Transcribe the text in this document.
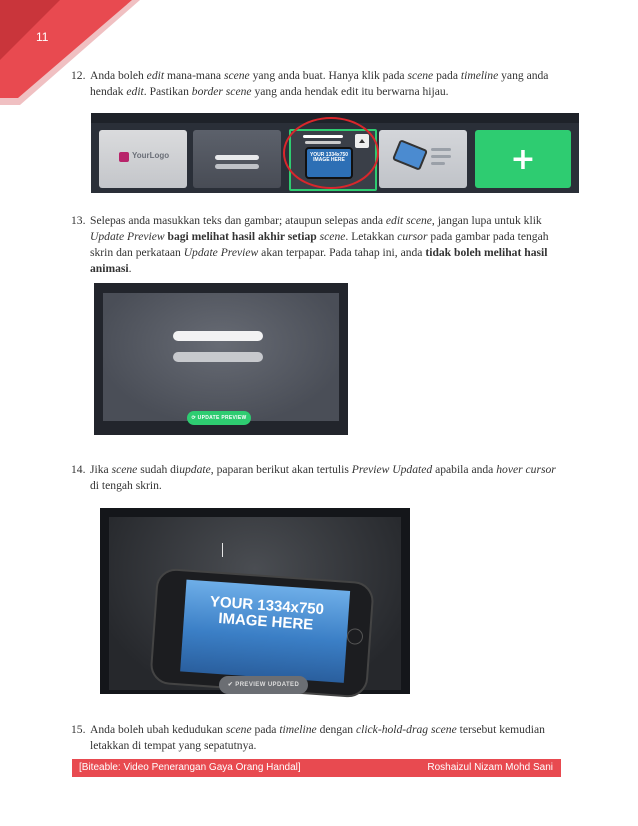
11
12. Anda boleh edit mana-mana scene yang anda buat. Hanya klik pada scene pada timeline yang anda hendak edit. Pastikan border scene yang anda hendak edit itu berwarna hijau.
YourLogo	YOUR 1334x750 IMAGE HERE	+
13. Selepas anda masukkan teks dan gambar; ataupun selepas anda edit scene, jangan lupa untuk klik Update Preview bagi melihat hasil akhir setiap scene. Letakkan cursor pada gambar pada tengah skrin dan perkataan Update Preview akan terpapar. Pada tahap ini, anda tidak boleh melihat hasil animasi.
⟳ UPDATE PREVIEW
14. Jika scene sudah diupdate, paparan berikut akan tertulis Preview Updated apabila anda hover cursor di tengah skrin.
YOUR 1334x750 IMAGE HERE
✔ PREVIEW UPDATED
15. Anda boleh ubah kedudukan scene pada timeline dengan click-hold-drag scene tersebut kemudian letakkan di tempat yang sepatutnya.
[Biteable: Video Penerangan Gaya Orang Handal]	Roshaizul Nizam Mohd Sani
